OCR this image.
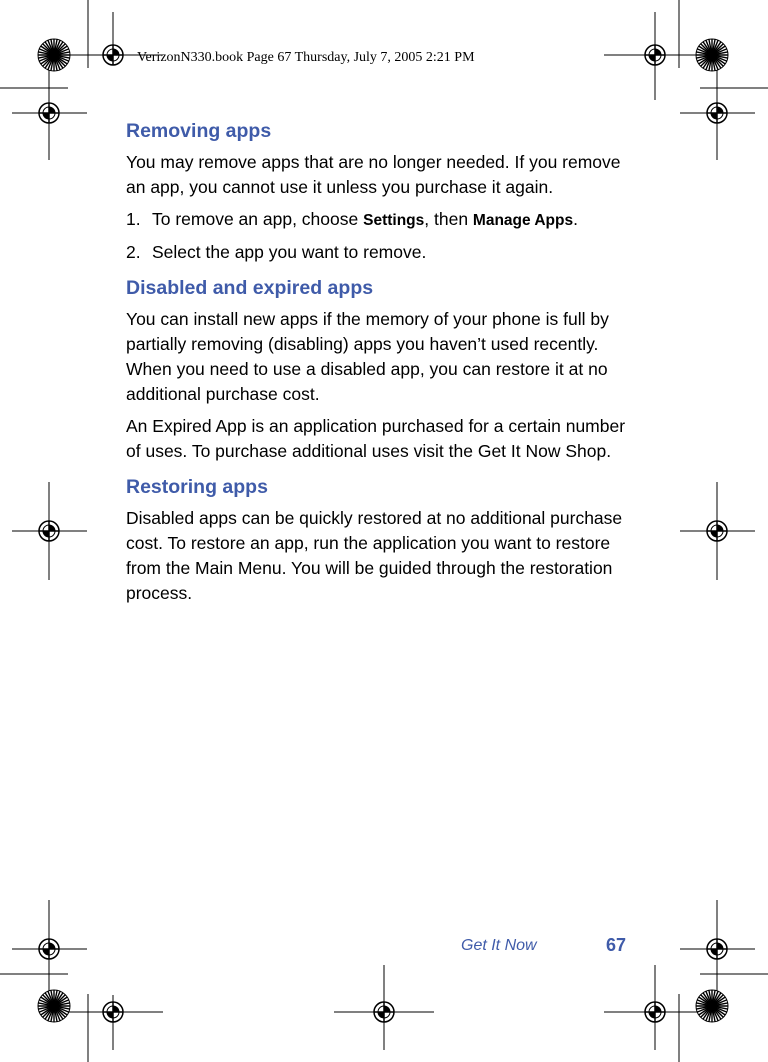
VerizonN330.book Page 67 Thursday, July 7, 2005 2:21 PM
Removing apps

You may remove apps that are no longer needed. If you remove an app, you cannot use it unless you purchase it again.

1. To remove an app, choose Settings, then Manage Apps.
2. Select the app you want to remove.
Disabled and expired apps

You can install new apps if the memory of your phone is full by partially removing (disabling) apps you haven’t used recently. When you need to use a disabled app, you can restore it at no additional purchase cost.

An Expired App is an application purchased for a certain number of uses. To purchase additional uses visit the Get It Now Shop.

Restoring apps

Disabled apps can be quickly restored at no additional purchase cost. To restore an app, run the application you want to restore from the Main Menu. You will be guided through the restoration process.

Get It Now	67
